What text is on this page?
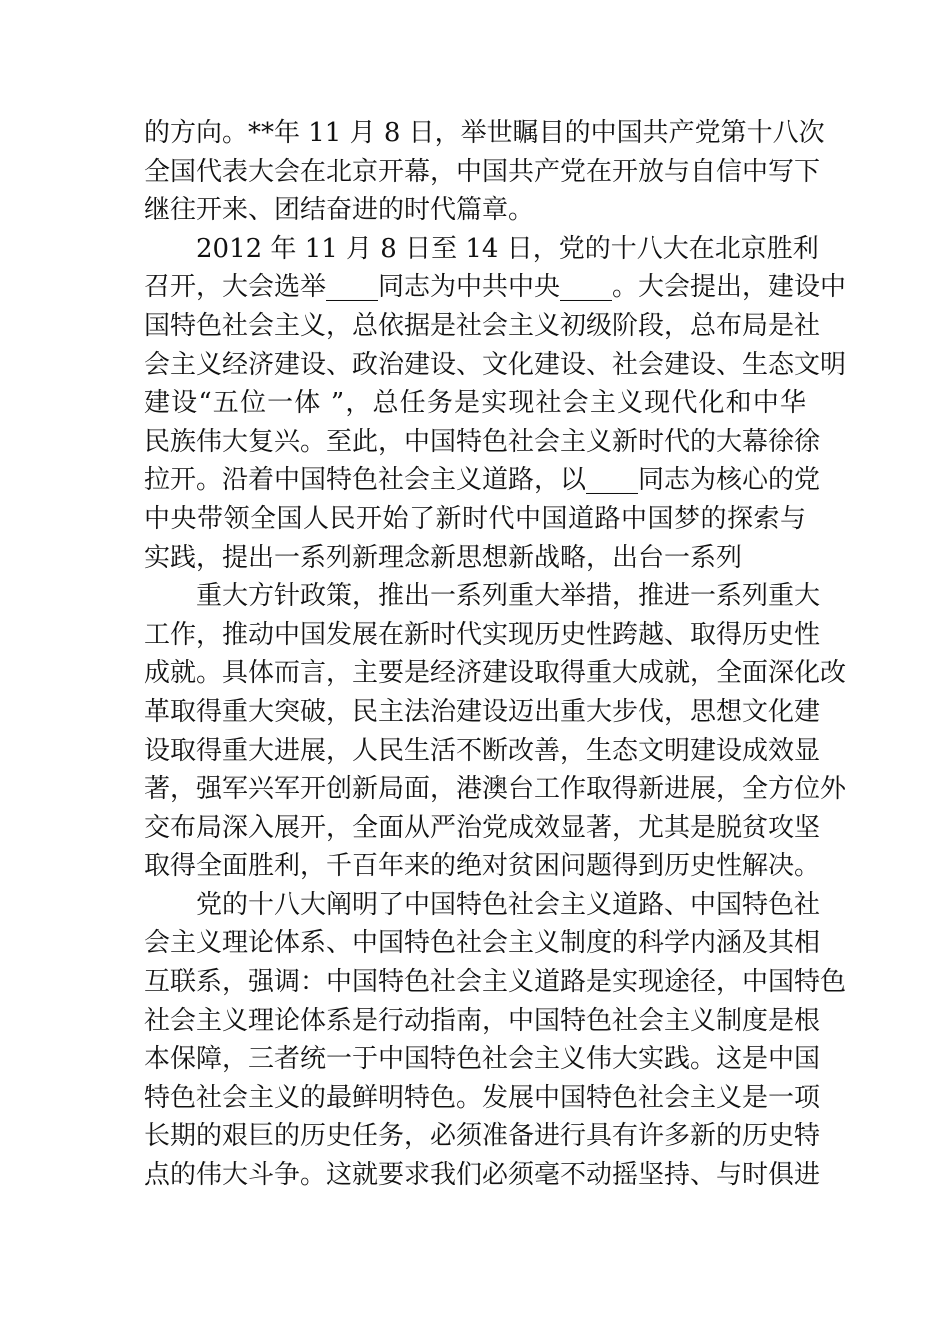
的方向。**年 11 月 8 日，举世瞩目的中国共产党第十八次
全国代表大会在北京开幕，中国共产党在开放与自信中写下
继往开来、团结奋进的时代篇章。
2012 年 11 月 8 日至 14 日，党的十八大在北京胜利
召开，大会选举____同志为中共中央____。大会提出，建设中
国特色社会主义，总依据是社会主义初级阶段，总布局是社
会主义经济建设、政治建设、文化建设、社会建设、生态文明
建设“五位一体 ”，总任务是实现社会主义现代化和中华
民族伟大复兴。至此，中国特色社会主义新时代的大幕徐徐
拉开。沿着中国特色社会主义道路，以____同志为核心的党
中央带领全国人民开始了新时代中国道路中国梦的探索与
实践，提出一系列新理念新思想新战略，出台一系列
重大方针政策，推出一系列重大举措，推进一系列重大
工作，推动中国发展在新时代实现历史性跨越、取得历史性
成就。具体而言，主要是经济建设取得重大成就，全面深化改
革取得重大突破，民主法治建设迈出重大步伐，思想文化建
设取得重大进展，人民生活不断改善，生态文明建设成效显
著，强军兴军开创新局面，港澳台工作取得新进展，全方位外
交布局深入展开，全面从严治党成效显著，尤其是脱贫攻坚
取得全面胜利，千百年来的绝对贫困问题得到历史性解决。
党的十八大阐明了中国特色社会主义道路、中国特色社
会主义理论体系、中国特色社会主义制度的科学内涵及其相
互联系，强调：中国特色社会主义道路是实现途径，中国特色
社会主义理论体系是行动指南，中国特色社会主义制度是根
本保障，三者统一于中国特色社会主义伟大实践。这是中国
特色社会主义的最鲜明特色。发展中国特色社会主义是一项
长期的艰巨的历史任务，必须准备进行具有许多新的历史特
点的伟大斗争。这就要求我们必须毫不动摇坚持、与时俱进
